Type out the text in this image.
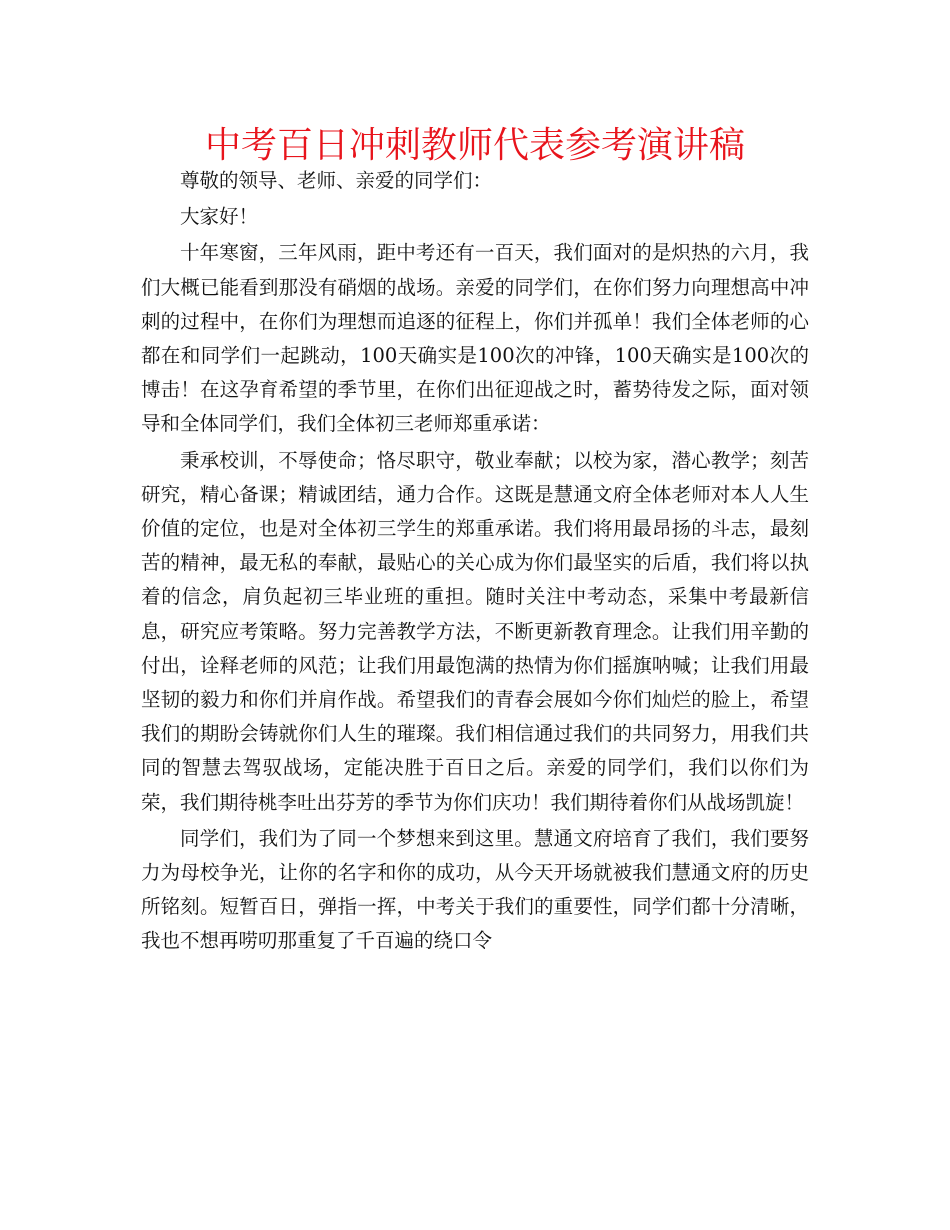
中考百日冲刺教师代表参考演讲稿

尊敬的领导、老师、亲爱的同学们：

大家好！

十年寒窗，三年风雨，距中考还有一百天，我们面对的是炽热的六月，我们大概已能看到那没有硝烟的战场。亲爱的同学们，在你们努力向理想高中冲刺的过程中，在你们为理想而追逐的征程上，你们并孤单！我们全体老师的心都在和同学们一起跳动，100天确实是100次的冲锋，100天确实是100次的博击！在这孕育希望的季节里，在你们出征迎战之时，蓄势待发之际，面对领导和全体同学们，我们全体初三老师郑重承诺：

秉承校训，不辱使命；恪尽职守，敬业奉献；以校为家，潜心教学；刻苦研究，精心备课；精诚团结，通力合作。这既是慧通文府全体老师对本人人生价值的定位，也是对全体初三学生的郑重承诺。我们将用最昂扬的斗志，最刻苦的精神，最无私的奉献，最贴心的关心成为你们最坚实的后盾，我们将以执着的信念，肩负起初三毕业班的重担。随时关注中考动态，采集中考最新信息，研究应考策略。努力完善教学方法，不断更新教育理念。让我们用辛勤的付出，诠释老师的风范；让我们用最饱满的热情为你们摇旗呐喊；让我们用最坚韧的毅力和你们并肩作战。希望我们的青春会展如今你们灿烂的脸上，希望我们的期盼会铸就你们人生的璀璨。我们相信通过我们的共同努力，用我们共同的智慧去驾驭战场，定能决胜于百日之后。亲爱的同学们，我们以你们为荣，我们期待桃李吐出芬芳的季节为你们庆功！我们期待着你们从战场凯旋！

同学们，我们为了同一个梦想来到这里。慧通文府培育了我们，我们要努力为母校争光，让你的名字和你的成功，从今天开场就被我们慧通文府的历史所铭刻。短暂百日，弹指一挥，中考关于我们的重要性，同学们都十分清晰，我也不想再唠叨那重复了千百遍的绕口令
